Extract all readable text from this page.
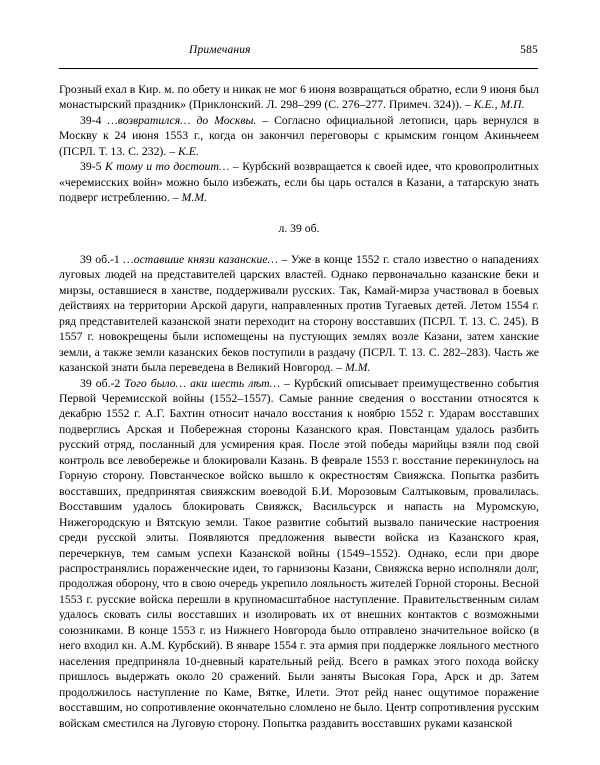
Примечания	585

Грозный ехал в Кир. м. по обету и никак не мог 6 июня возвращаться обратно, если 9 июня был монастырский праздник» (Приклонский. Л. 298–299 (С. 276–277. Примеч. 324)). – К.Е., М.П.

39-4 …возвратился… до Москвы. – Согласно официальной летописи, царь вернулся в Москву к 24 июня 1553 г., когда он закончил переговоры с крымским гонцом Акиньчеем (ПСРЛ. Т. 13. С. 232). – К.Е.

39-5 К тому и то достоит… – Курбский возвращается к своей идее, что кровопролитных «черемисских войн» можно было избежать, если бы царь остался в Казани, а татарскую знать подверг истреблению. – М.М.

л. 39 об.

39 об.-1 …оставшие князи казанские… – Уже в конце 1552 г. стало известно о нападениях луговых людей на представителей царских властей. Однако первоначально казанские беки и мирзы, оставшиеся в ханстве, поддерживали русских. Так, Камай-мирза участвовал в боевых действиях на территории Арской даруги, направленных против Тугаевых детей. Летом 1554 г. ряд представителей казанской знати переходит на сторону восставших (ПСРЛ. Т. 13. С. 245). В 1557 г. новокрещены были испомещены на пустующих землях возле Казани, затем ханские земли, а также земли казанских беков поступили в раздачу (ПСРЛ. Т. 13. С. 282–283). Часть же казанской знати была переведена в Великий Новгород. – М.М.

39 об.-2 Того было… аки шесть лѣт… – Курбский описывает преимущественно события Первой Черемисской войны (1552–1557). Самые ранние сведения о восстании относятся к декабрю 1552 г. А.Г. Бахтин относит начало восстания к ноябрю 1552 г. Ударам восставших подверглись Арская и Побережная стороны Казанского края. Повстанцам удалось разбить русский отряд, посланный для усмирения края. После этой победы марийцы взяли под свой контроль все левобережье и блокировали Казань. В феврале 1553 г. восстание перекинулось на Горную сторону. Повстанческое войско вышло к окрестностям Свияжска. Попытка разбить восставших, предпринятая свияжским воеводой Б.И. Морозовым Салтыковым, провалилась. Восставшим удалось блокировать Свияжск, Васильсурск и напасть на Муромскую, Нижегородскую и Вятскую земли. Такое развитие событий вызвало панические настроения среди русской элиты. Появляются предложения вывести войска из Казанского края, перечеркнув, тем самым успехи Казанской войны (1549–1552). Однако, если при дворе распространялись пораженческие идеи, то гарнизоны Казани, Свияжска верно исполняли долг, продолжая оборону, что в свою очередь укрепило лояльность жителей Горной стороны. Весной 1553 г. русские войска перешли в крупномасштабное наступление. Правительственным силам удалось сковать силы восставших и изолировать их от внешних контактов с возможными союзниками. В конце 1553 г. из Нижнего Новгорода было отправлено значительное войско (в него входил кн. А.М. Курбский). В январе 1554 г. эта армия при поддержке лояльного местного населения предприняла 10-дневный карательный рейд. Всего в рамках этого похода войску пришлось выдержать около 20 сражений. Были заняты Высокая Гора, Арск и др. Затем продолжилось наступление по Каме, Вятке, Илети. Этот рейд нанес ощутимое поражение восставшим, но сопротивление окончательно сломлено не было. Центр сопротивления русским войскам сместился на Луговую сторону. Попытка раздавить восставших руками казанской
